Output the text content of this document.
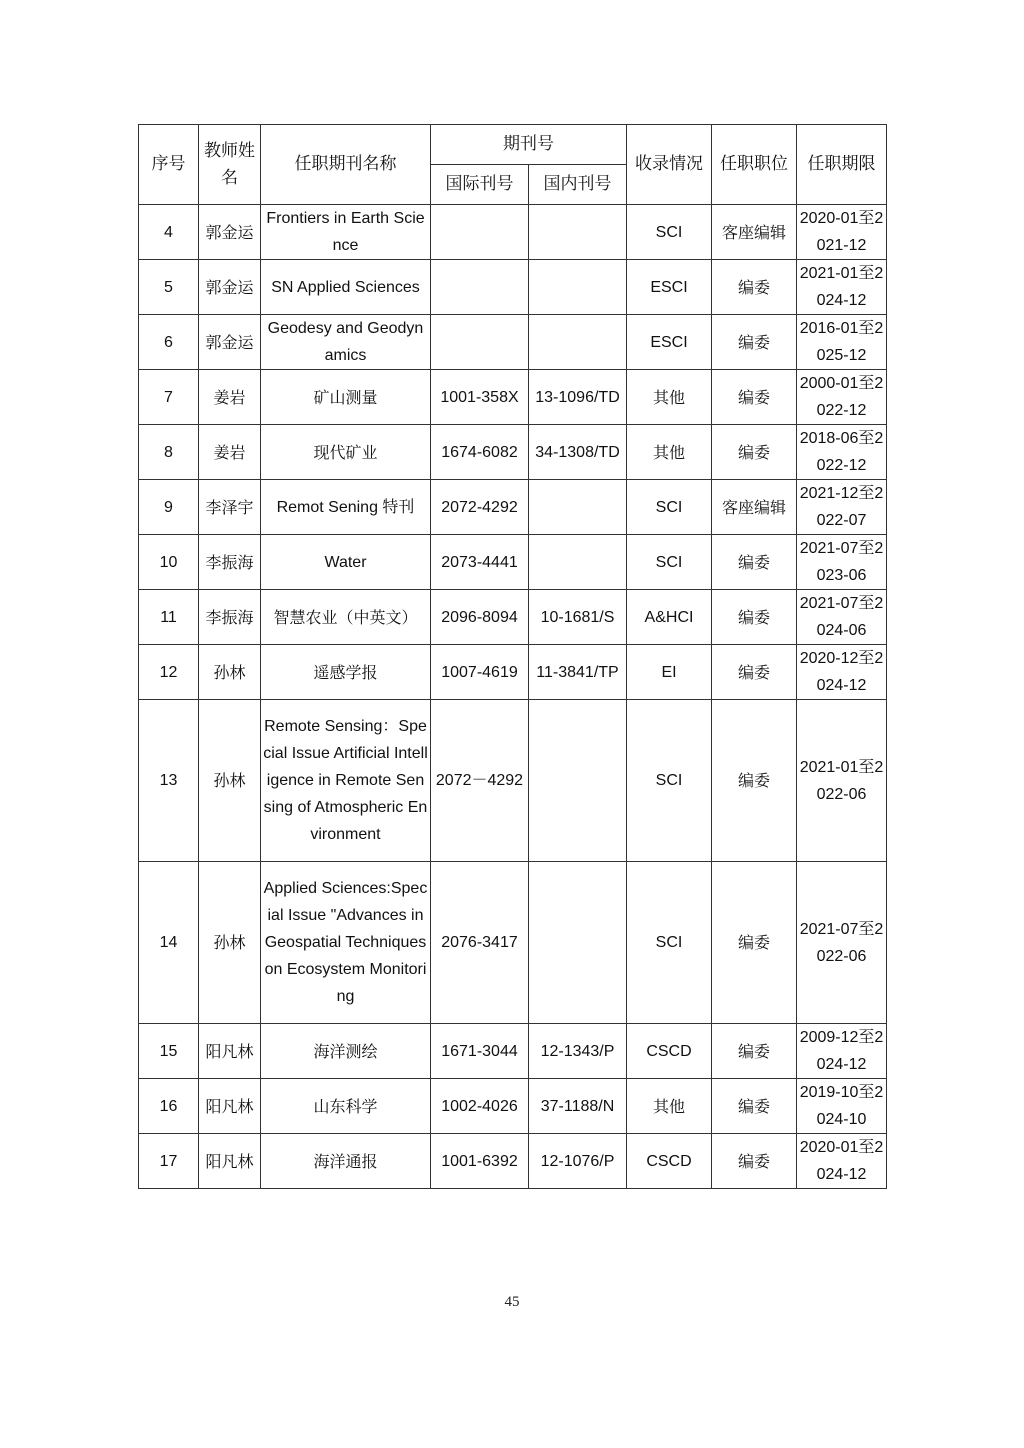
序号	教师姓名	任职期刊名称	期刊号		收录情况	任职职位	任职期限
			国际刊号	国内刊号			
4	郭金运	Frontiers in Earth Scie nce			SCI	客座编辑	2020-01至2021-12
5	郭金运	SN Applied Sciences			ESCI	编委	2021-01至2024-12
6	郭金运	Geodesy and Geodyn amics			ESCI	编委	2016-01至2025-12
7	姜岩	矿山测量	1001-358X	13-1096/TD	其他	编委	2000-01至2022-12
8	姜岩	现代矿业	1674-6082	34-1308/TD	其他	编委	2018-06至2022-12
9	李泽宇	Remot Sening 特刊	2072-4292		SCI	客座编辑	2021-12至2022-07
10	李振海	Water	2073-4441		SCI	编委	2021-07至2023-06
11	李振海	智慧农业（中英文）	2096-8094	10-1681/S	A&HCI	编委	2021-07至2024-06
12	孙林	遥感学报	1007-4619	11-3841/TP	EI	编委	2020-12至2024-12
13	孙林	Remote Sensing：Special Issue Artificial Intelligence in Remote Sensing of Atmospheric Environment	2072－4292		SCI	编委	2021-01至2022-06
14	孙林	Applied Sciences:Special Issue "Advances in Geospatial Techniques on Ecosystem Monitoring	2076-3417		SCI	编委	2021-07至2022-06
15	阳凡林	海洋测绘	1671-3044	12-1343/P	CSCD	编委	2009-12至2024-12
16	阳凡林	山东科学	1002-4026	37-1188/N	其他	编委	2019-10至2024-10
17	阳凡林	海洋通报	1001-6392	12-1076/P	CSCD	编委	2020-01至2024-12
45
